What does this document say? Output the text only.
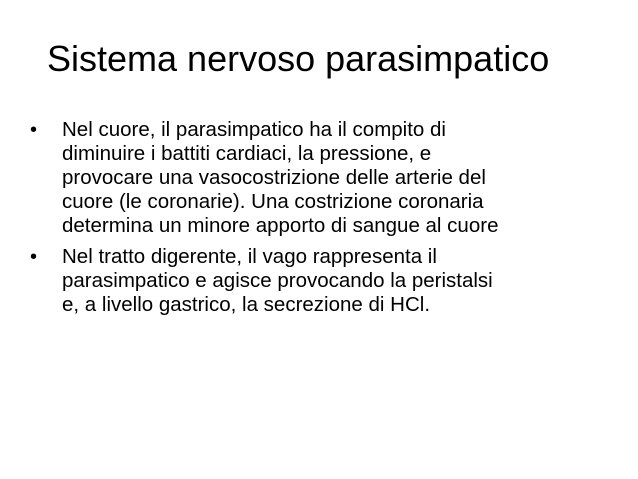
Sistema nervoso parasimpatico
• Nel cuore, il parasimpatico ha il compito di
diminuire i battiti cardiaci, la pressione, e
provocare una vasocostrizione delle arterie del
cuore (le coronarie). Una costrizione coronaria
determina un minore apporto di sangue al cuore
• Nel tratto digerente, il vago rappresenta il
parasimpatico e agisce provocando la peristalsi
e, a livello gastrico, la secrezione di HCl.
